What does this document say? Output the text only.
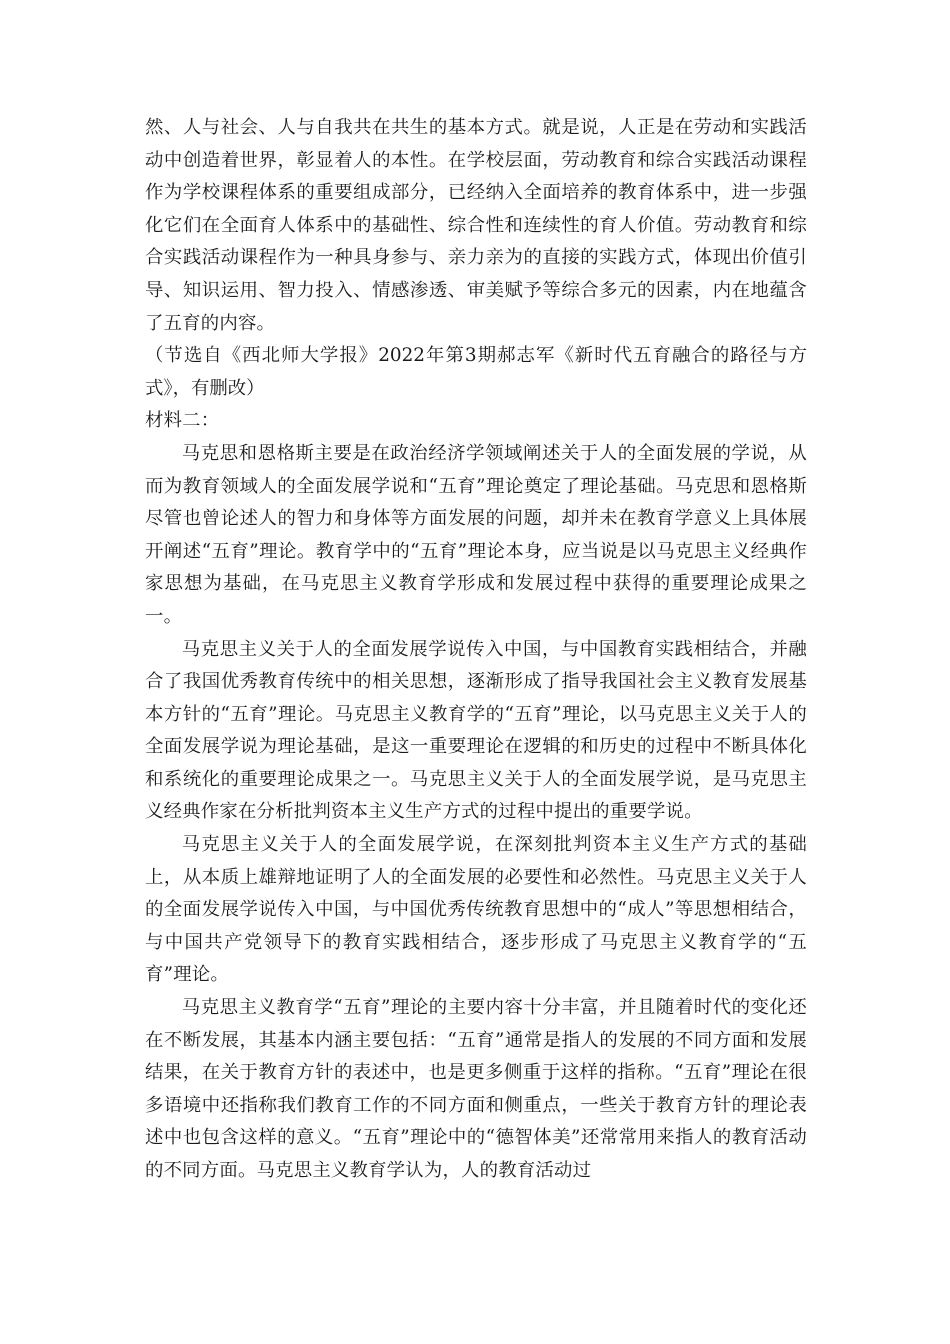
然、人与社会、人与自我共在共生的基本方式。就是说，人正是在劳动和实践活动中创造着世界，彰显着人的本性。在学校层面，劳动教育和综合实践活动课程作为学校课程体系的重要组成部分，已经纳入全面培养的教育体系中，进一步强化它们在全面育人体系中的基础性、综合性和连续性的育人价值。劳动教育和综合实践活动课程作为一种具身参与、亲力亲为的直接的实践方式，体现出价值引导、知识运用、智力投入、情感渗透、审美赋予等综合多元的因素，内在地蕴含了五育的内容。

（节选自《西北师大学报》2022年第3期郝志军《新时代五育融合的路径与方式》，有删改）

材料二：

马克思和恩格斯主要是在政治经济学领域阐述关于人的全面发展的学说，从而为教育领域人的全面发展学说和“五育”理论奠定了理论基础。马克思和恩格斯尽管也曾论述人的智力和身体等方面发展的问题，却并未在教育学意义上具体展开阐述“五育”理论。教育学中的“五育”理论本身，应当说是以马克思主义经典作家思想为基础，在马克思主义教育学形成和发展过程中获得的重要理论成果之一。

马克思主义关于人的全面发展学说传入中国，与中国教育实践相结合，并融合了我国优秀教育传统中的相关思想，逐渐形成了指导我国社会主义教育发展基本方针的“五育”理论。马克思主义教育学的“五育”理论，以马克思主义关于人的全面发展学说为理论基础，是这一重要理论在逻辑的和历史的过程中不断具体化和系统化的重要理论成果之一。马克思主义关于人的全面发展学说，是马克思主义经典作家在分析批判资本主义生产方式的过程中提出的重要学说。

马克思主义关于人的全面发展学说，在深刻批判资本主义生产方式的基础上，从本质上雄辩地证明了人的全面发展的必要性和必然性。马克思主义关于人的全面发展学说传入中国，与中国优秀传统教育思想中的“成人”等思想相结合，与中国共产党领导下的教育实践相结合，逐步形成了马克思主义教育学的“五育”理论。

马克思主义教育学“五育”理论的主要内容十分丰富，并且随着时代的变化还在不断发展，其基本内涵主要包括：“五育”通常是指人的发展的不同方面和发展结果，在关于教育方针的表述中，也是更多侧重于这样的指称。“五育”理论在很多语境中还指称我们教育工作的不同方面和侧重点，一些关于教育方针的理论表述中也包含这样的意义。“五育”理论中的“德智体美”还常常用来指人的教育活动的不同方面。马克思主义教育学认为，人的教育活动过
